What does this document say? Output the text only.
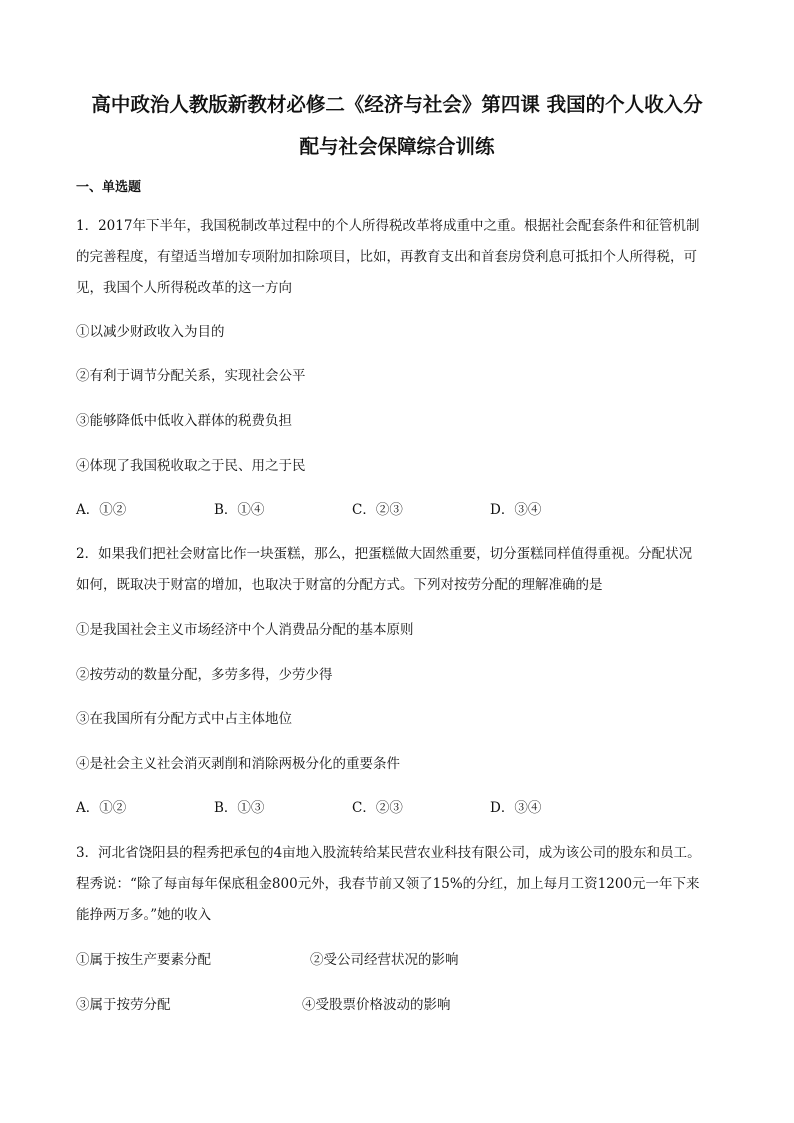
高中政治人教版新教材必修二《经济与社会》第四课 我国的个人收入分
配与社会保障综合训练
一、单选题
1．2017年下半年，我国税制改革过程中的个人所得税改革将成重中之重。根据社会配套条件和征管机制
的完善程度，有望适当增加专项附加扣除项目，比如，再教育支出和首套房贷利息可抵扣个人所得税，可
见，我国个人所得税改革的这一方向
①以减少财政收入为目的
②有利于调节分配关系，实现社会公平
③能够降低中低收入群体的税费负担
④体现了我国税收取之于民、用之于民
A．①②	B．①④	C．②③	D．③④
2．如果我们把社会财富比作一块蛋糕，那么，把蛋糕做大固然重要，切分蛋糕同样值得重视。分配状况
如何，既取决于财富的增加，也取决于财富的分配方式。下列对按劳分配的理解准确的是
①是我国社会主义市场经济中个人消费品分配的基本原则
②按劳动的数量分配，多劳多得，少劳少得
③在我国所有分配方式中占主体地位
④是社会主义社会消灭剥削和消除两极分化的重要条件
A．①②	B．①③	C．②③	D．③④
3．河北省饶阳县的程秀把承包的4亩地入股流转给某民营农业科技有限公司，成为该公司的股东和员工。
程秀说：“除了每亩每年保底租金800元外，我春节前又领了15%的分红，加上每月工资1200元一年下来
能挣两万多。”她的收入
①属于按生产要素分配	②受公司经营状况的影响
③属于按劳分配	④受股票价格波动的影响
